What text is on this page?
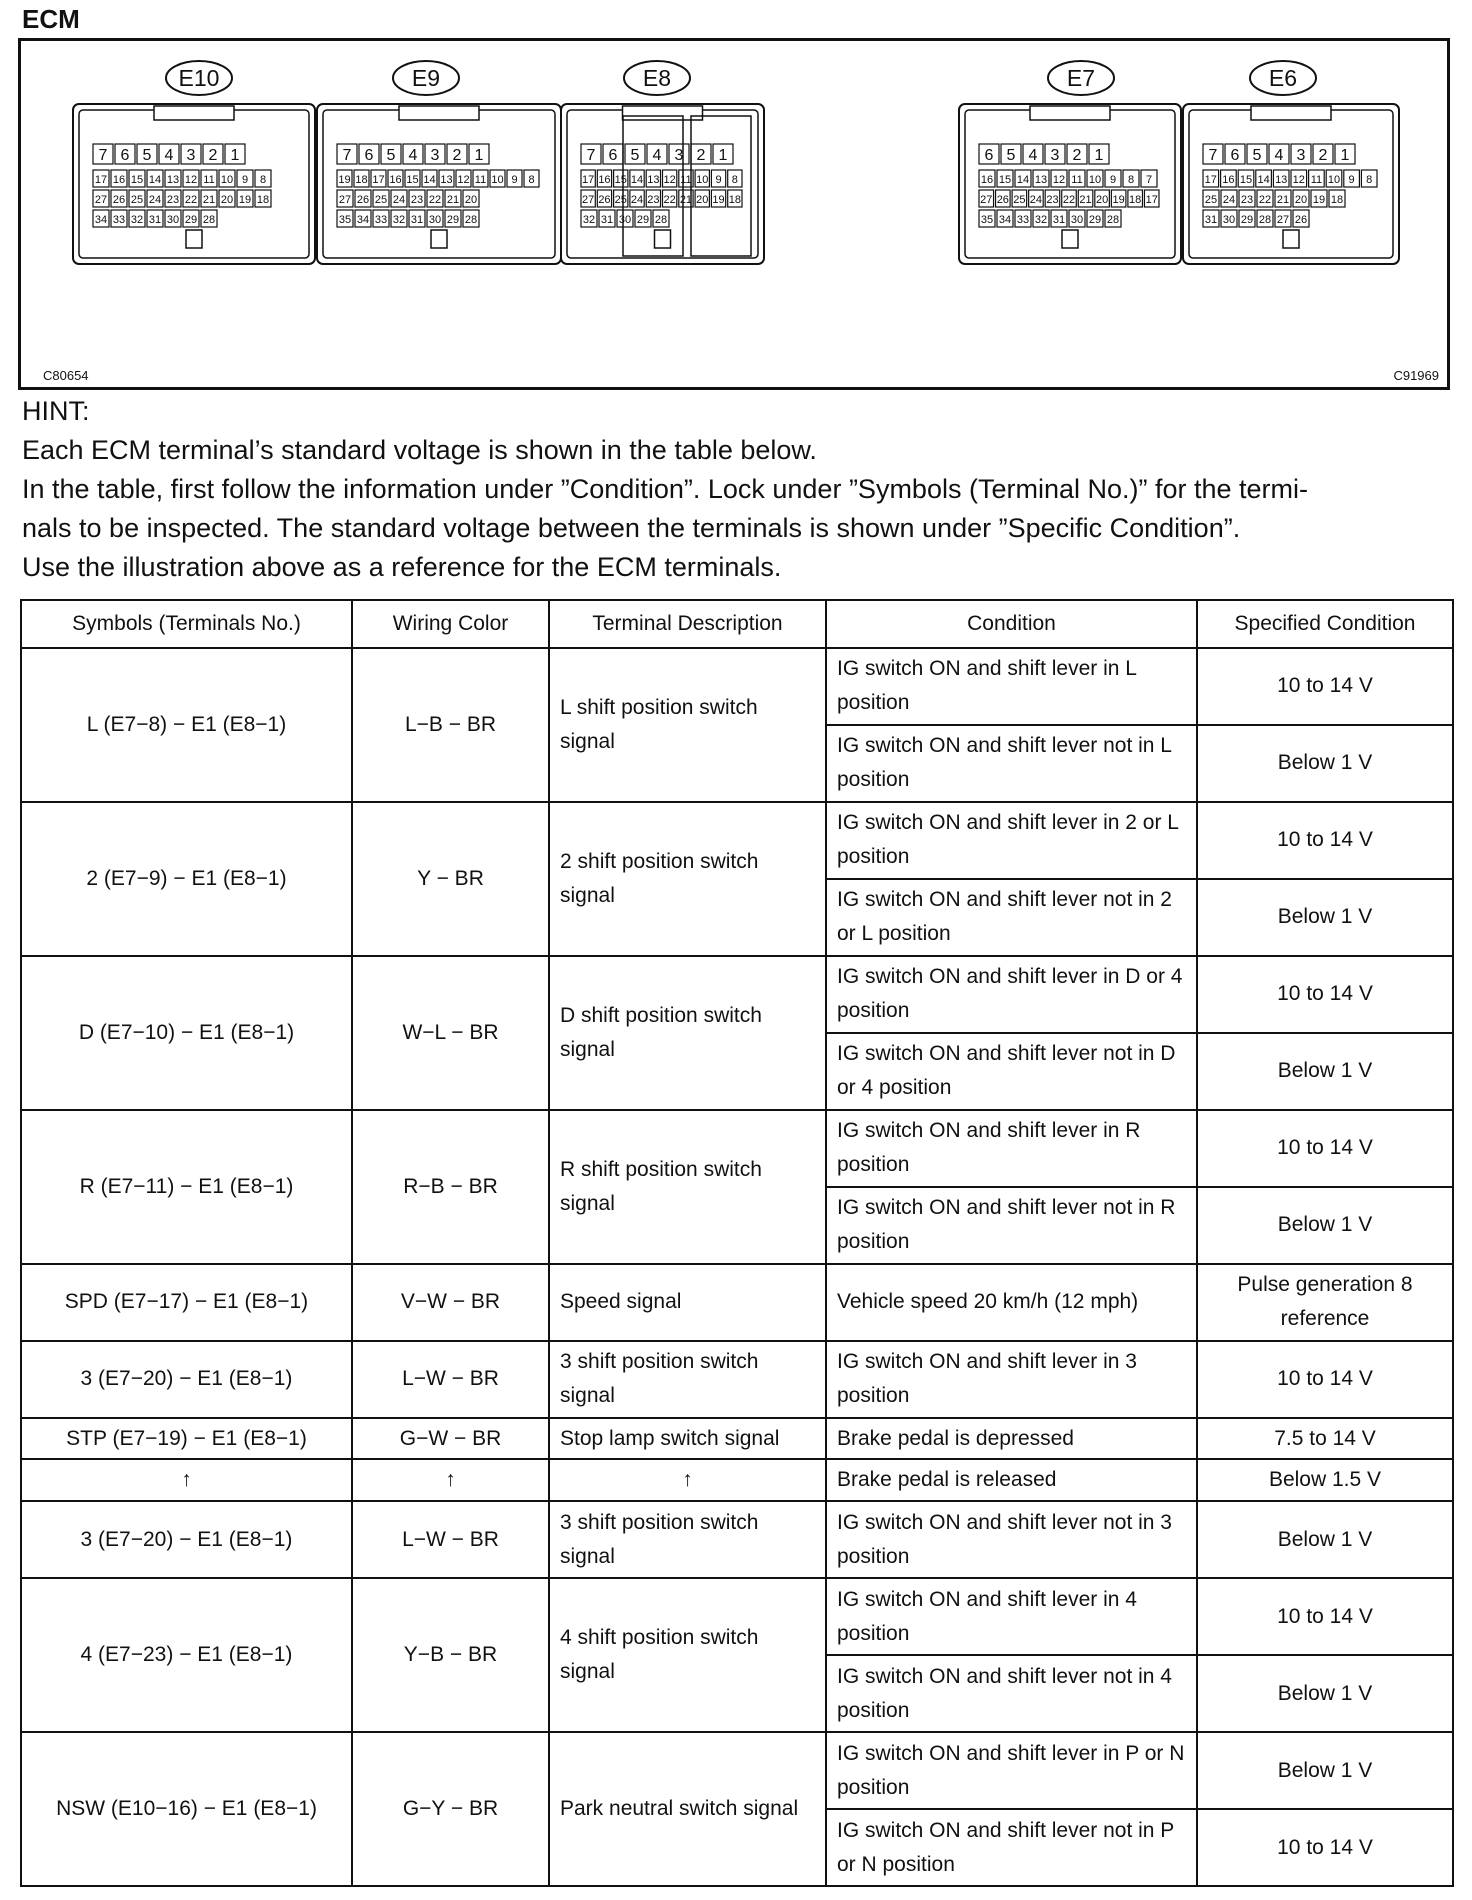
ECM
E10
7 6 5 4 3 2 1
17 16 15 14 13 12 11 10 9 8
27 26 25 24 23 22 21 20 19 18
34 33 32 31 30 29 28
E9
7 6 5 4 3 2 1
19 18 17 16 15 14 13 12 11 10 9 8
27 26 25 24 23 22 21 20
35 34 33 32 31 30 29 28
E8
7 6 5 4 3 2 1
17 16 15 14 13 12 11 10 9 8
27 26 25 24 23 22 21 20 19 18
32 31 30 29 28
E7
6 5 4 3 2 1
16 15 14 13 12 11 10 9 8 7
27 26 25 24 23 22 21 20 19 18 17
35 34 33 32 31 30 29 28
E6
7 6 5 4 3 2 1
17 16 15 14 13 12 11 10 9 8
25 24 23 22 21 20 19 18
31 30 29 28 27 26
C80654	C91969

HINT:

Each ECM terminal’s standard voltage is shown in the table below.

In the table, first follow the information under ”Condition”. Lock under ”Symbols (Terminal No.)” for the termi-

nals to be inspected. The standard voltage between the terminals is shown under ”Specific Condition”.

Use the illustration above as a reference for the ECM terminals.

Symbols (Terminals No.)	Wiring Color	Terminal Description	Condition	Specified Condition
L (E7−8) − E1 (E8−1)	L−B − BR	L shift position switch signal	IG switch ON and shift lever in L position	10 to 14 V
			IG switch ON and shift lever not in L position	Below 1 V
2 (E7−9) − E1 (E8−1)	Y − BR	2 shift position switch signal	IG switch ON and shift lever in 2 or L position	10 to 14 V
			IG switch ON and shift lever not in 2 or L position	Below 1 V
D (E7−10) − E1 (E8−1)	W−L − BR	D shift position switch signal	IG switch ON and shift lever in D or 4 position	10 to 14 V
			IG switch ON and shift lever not in D or 4 position	Below 1 V
R (E7−11) − E1 (E8−1)	R−B − BR	R shift position switch signal	IG switch ON and shift lever in R position	10 to 14 V
			IG switch ON and shift lever not in R position	Below 1 V
SPD (E7−17) − E1 (E8−1)	V−W − BR	Speed signal	Vehicle speed 20 km/h (12 mph)	Pulse generation 8 reference
3 (E7−20) − E1 (E8−1)	L−W − BR	3 shift position switch signal	IG switch ON and shift lever in 3 position	10 to 14 V
STP (E7−19) − E1 (E8−1)	G−W − BR	Stop lamp switch signal	Brake pedal is depressed	7.5 to 14 V
↑	↑	↑	Brake pedal is released	Below 1.5 V
3 (E7−20) − E1 (E8−1)	L−W − BR	3 shift position switch signal	IG switch ON and shift lever not in 3 position	Below 1 V
4 (E7−23) − E1 (E8−1)	Y−B − BR	4 shift position switch signal	IG switch ON and shift lever in 4 position	10 to 14 V
			IG switch ON and shift lever not in 4 position	Below 1 V
NSW (E10−16) − E1 (E8−1)	G−Y − BR	Park neutral switch signal	IG switch ON and shift lever in P or N position	Below 1 V
			IG switch ON and shift lever not in P or N position	10 to 14 V
